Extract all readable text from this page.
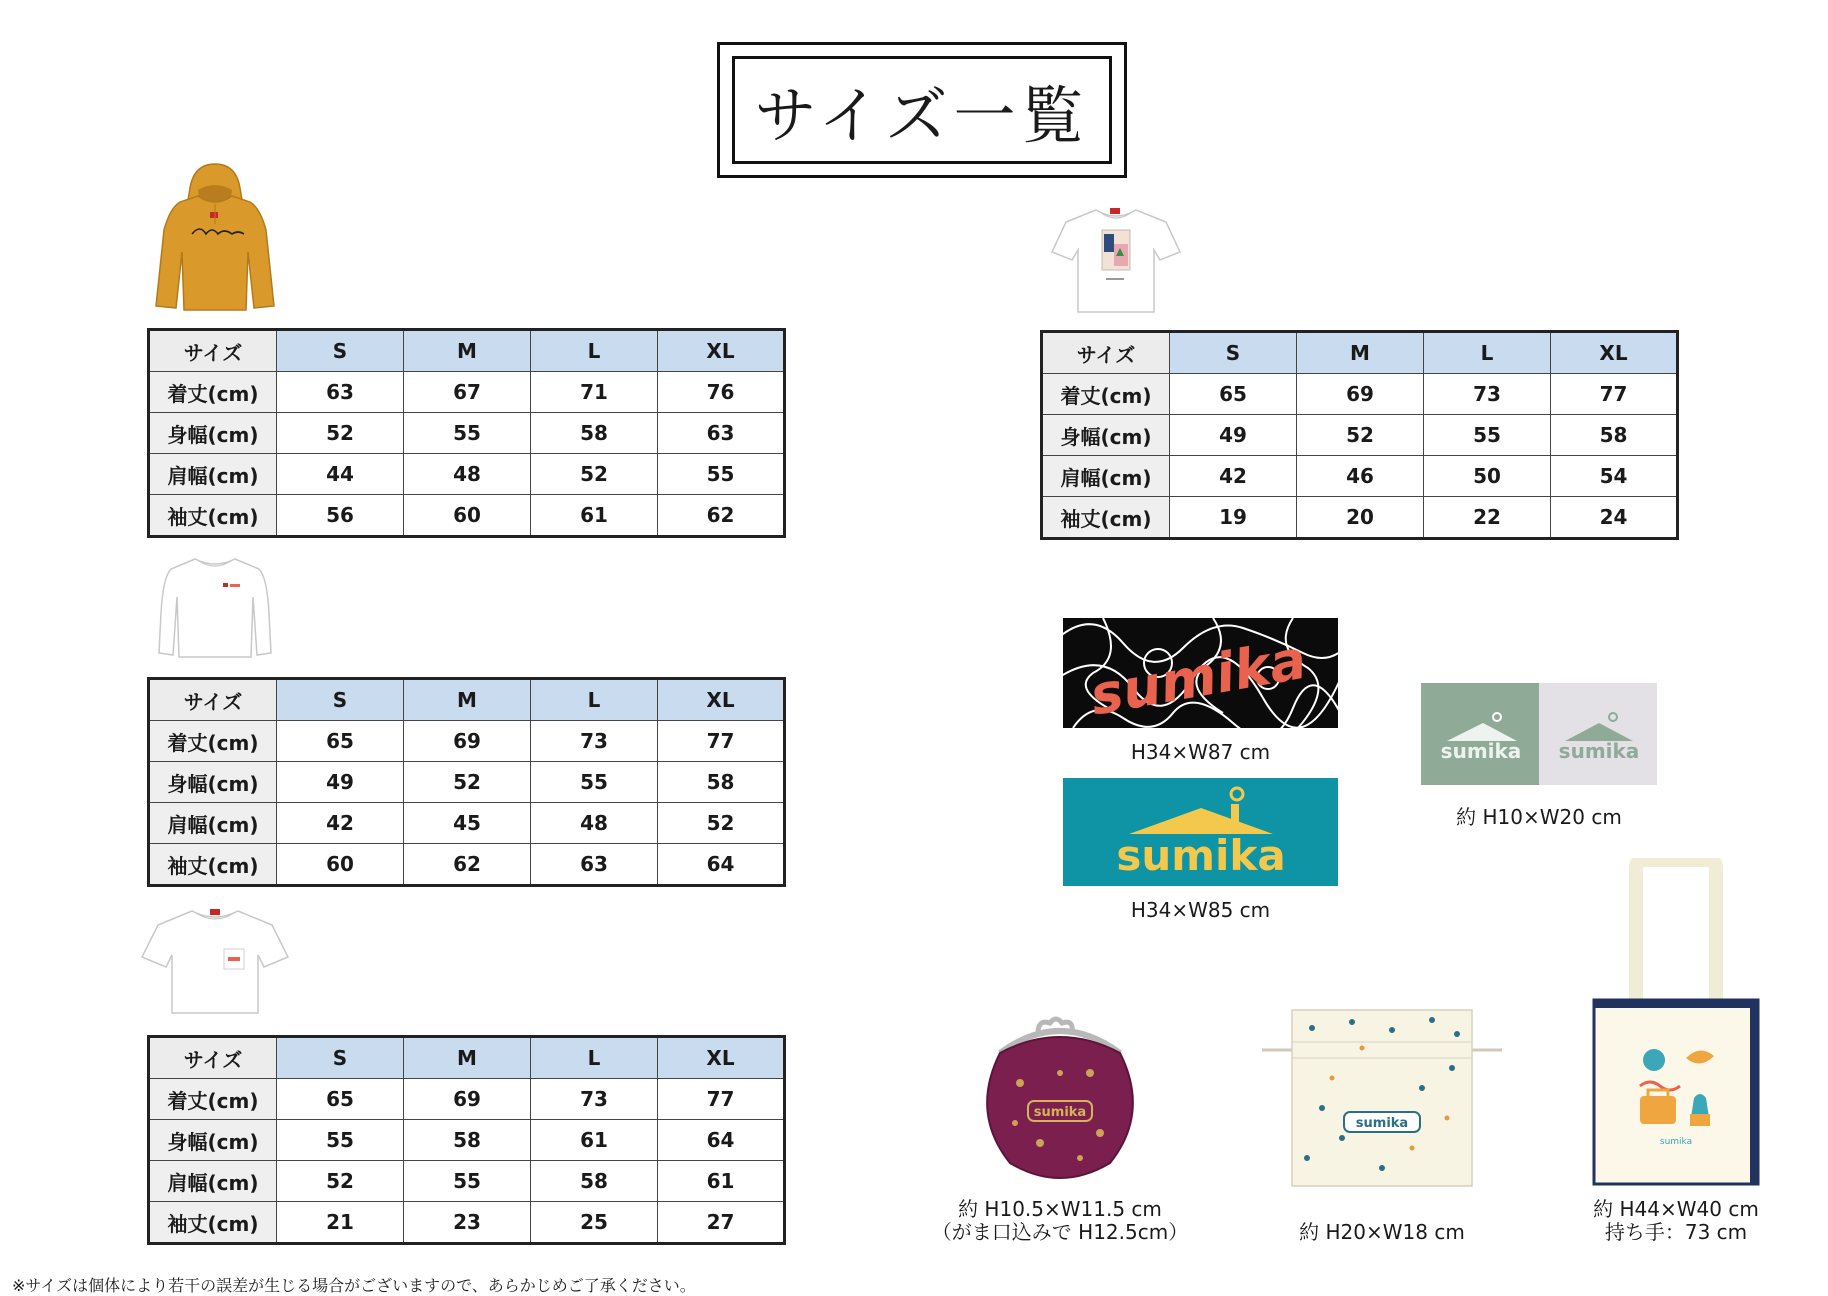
サイズ一覧
サイズ	S	M	L	XL
着丈(cm)	63	67	71	76
身幅(cm)	52	55	58	63
肩幅(cm)	44	48	52	55
袖丈(cm)	56	60	61	62
サイズ	S	M	L	XL
着丈(cm)	65	69	73	77
身幅(cm)	49	52	55	58
肩幅(cm)	42	45	48	52
袖丈(cm)	60	62	63	64
サイズ	S	M	L	XL
着丈(cm)	65	69	73	77
身幅(cm)	55	58	61	64
肩幅(cm)	52	55	58	61
袖丈(cm)	21	23	25	27
サイズ	S	M	L	XL
着丈(cm)	65	69	73	77
身幅(cm)	49	52	55	58
肩幅(cm)	42	46	50	54
袖丈(cm)	19	20	22	24
sumika
H34×W87 cm
sumika
H34×W85 cm
sumika sumika
約 H10×W20 cm
sumika
約 H10.5×W11.5 cm
（がま口込みで H12.5cm）
sumika
約 H20×W18 cm
sumika
約 H44×W40 cm
持ち手：73 cm
※サイズは個体により若干の誤差が生じる場合がございますので、あらかじめご了承ください。
